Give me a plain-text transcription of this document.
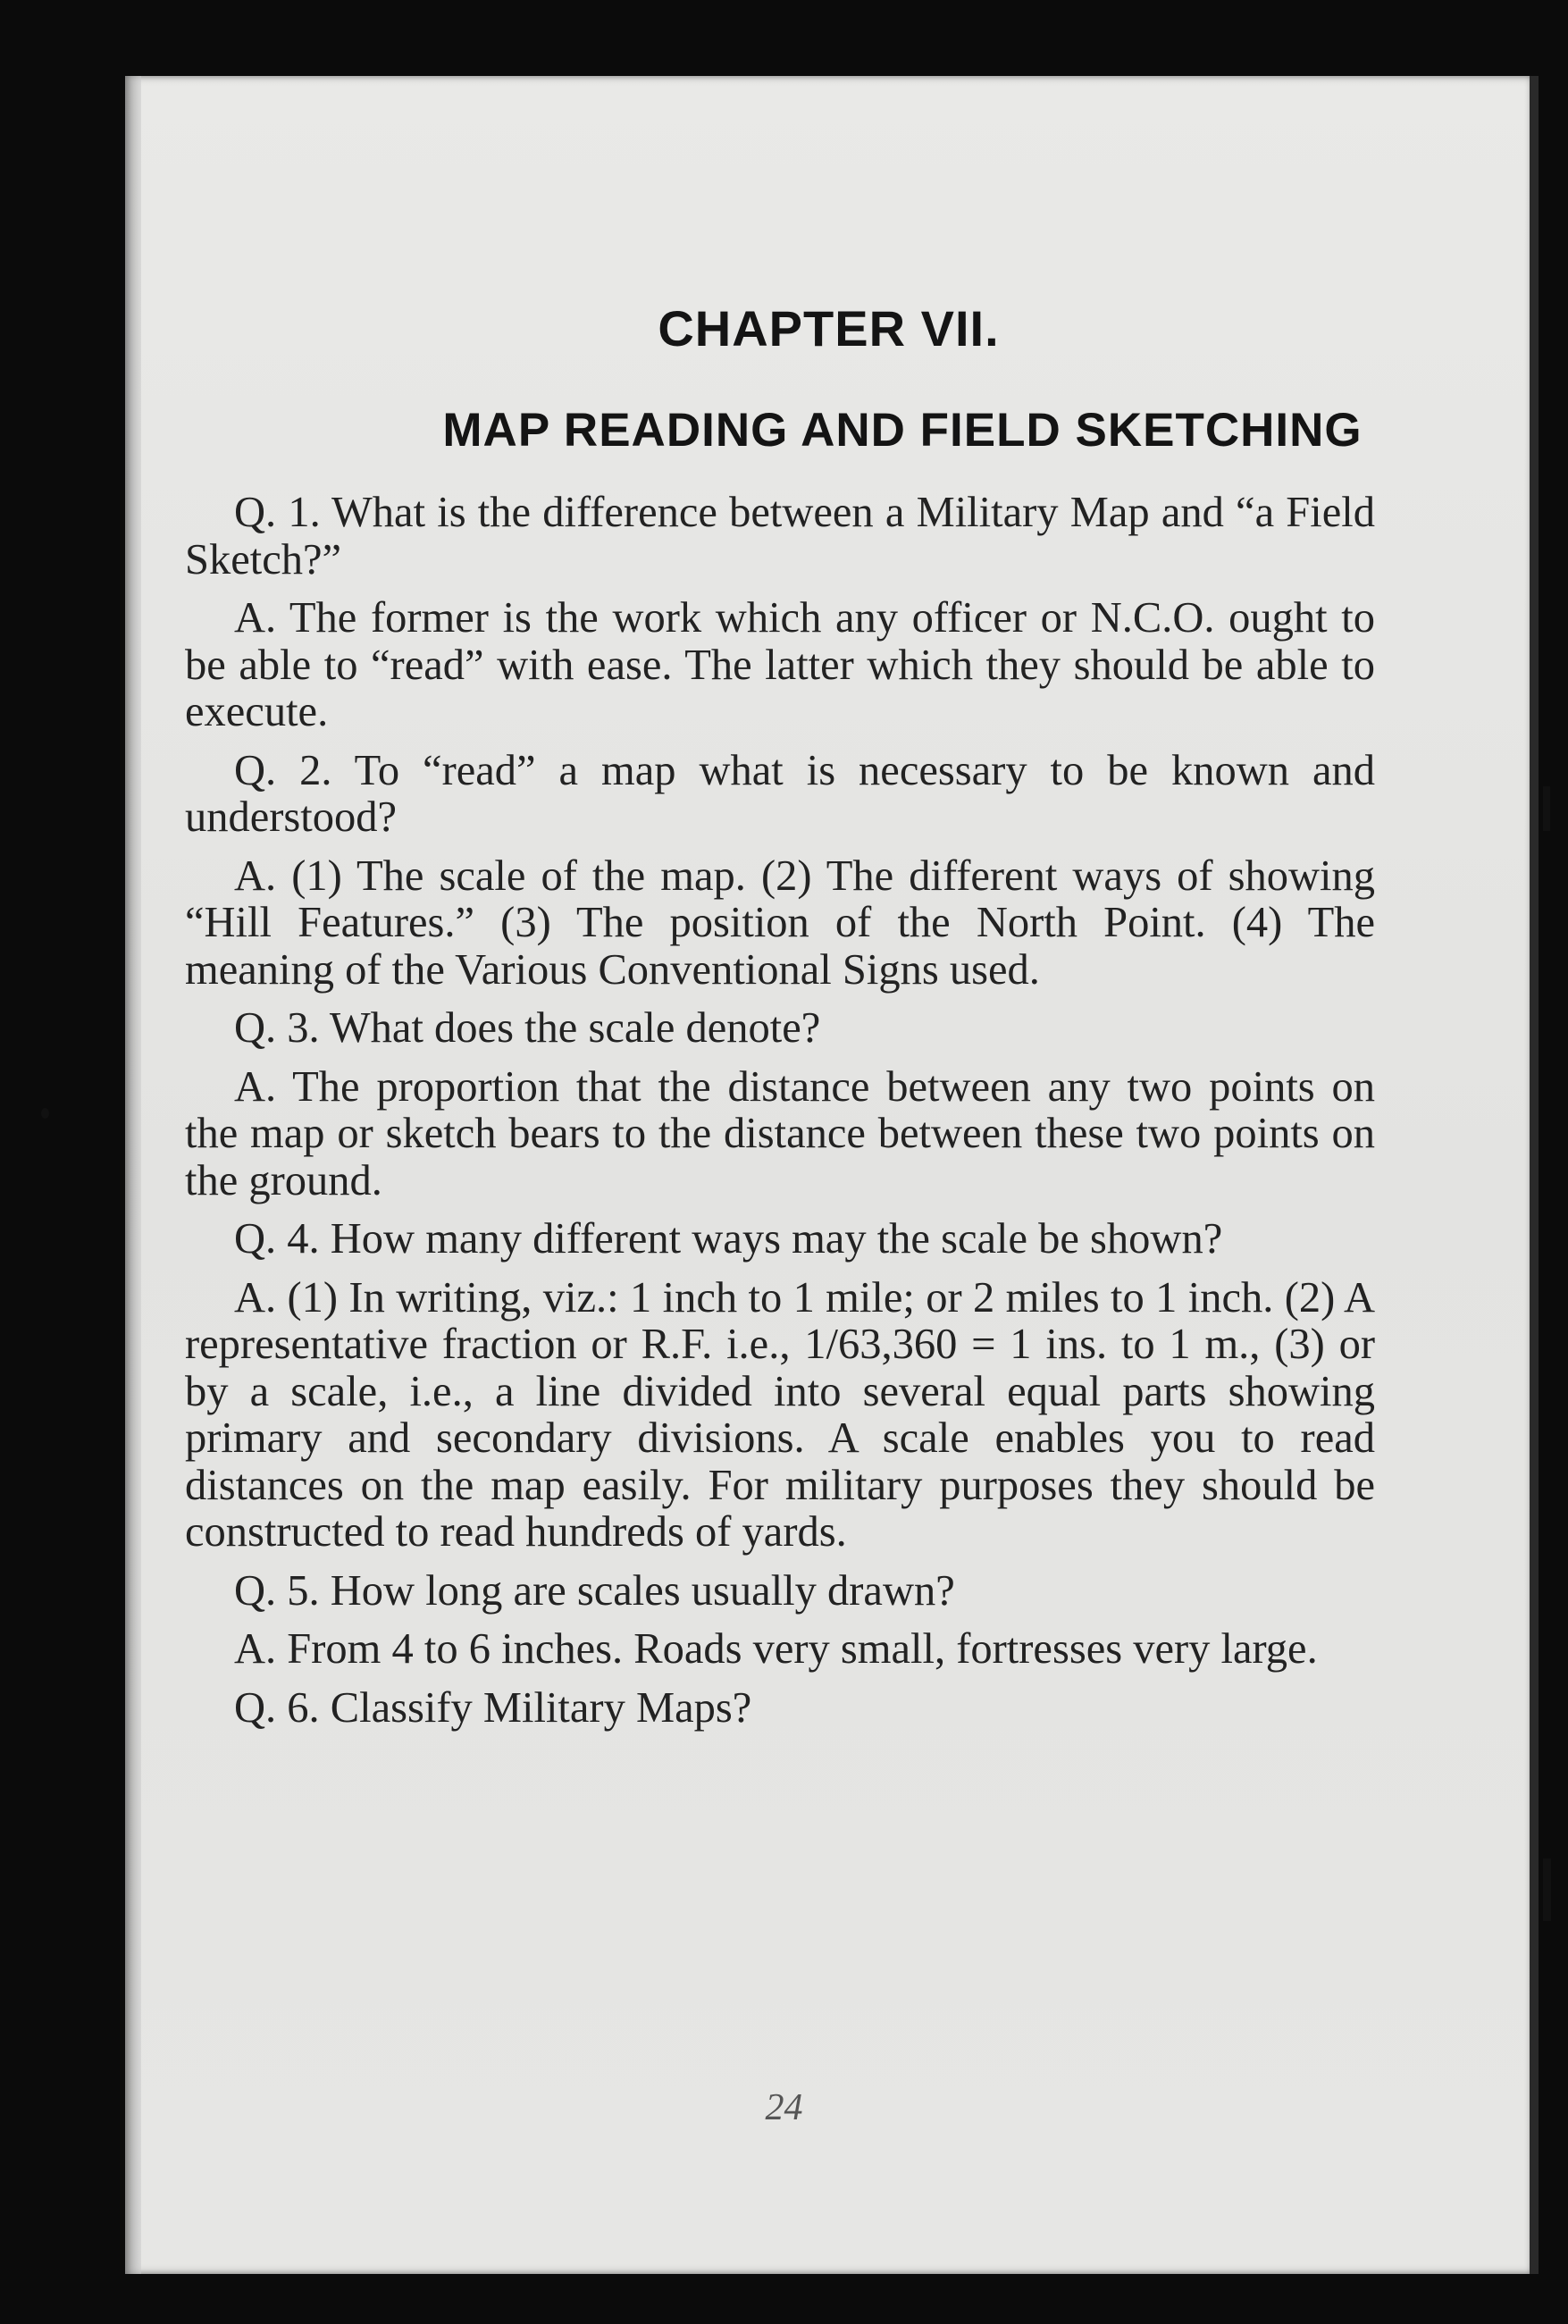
CHAPTER VII.
MAP READING AND FIELD SKETCHING

Q. 1. What is the difference between a Military Map and “a Field Sketch?”

A. The former is the work which any officer or N.C.O. ought to be able to “read” with ease. The latter which they should be able to execute.

Q. 2. To “read” a map what is necessary to be known and understood?

A. (1) The scale of the map. (2) The different ways of showing “Hill Features.” (3) The position of the North Point. (4) The meaning of the Various Conventional Signs used.

Q. 3. What does the scale denote?

A. The proportion that the distance between any two points on the map or sketch bears to the distance between these two points on the ground.

Q. 4. How many different ways may the scale be shown?

A. (1) In writing, viz.: 1 inch to 1 mile; or 2 miles to 1 inch. (2) A representative fraction or R.F. i.e., 1/63,360 = 1 ins. to 1 m., (3) or by a scale, i.e., a line divided into several equal parts showing primary and secondary divisions. A scale enables you to read distances on the map easily. For military purposes they should be constructed to read hundreds of yards.

Q. 5. How long are scales usually drawn?

A. From 4 to 6 inches. Roads very small, fortresses very large.

Q. 6. Classify Military Maps?

24
